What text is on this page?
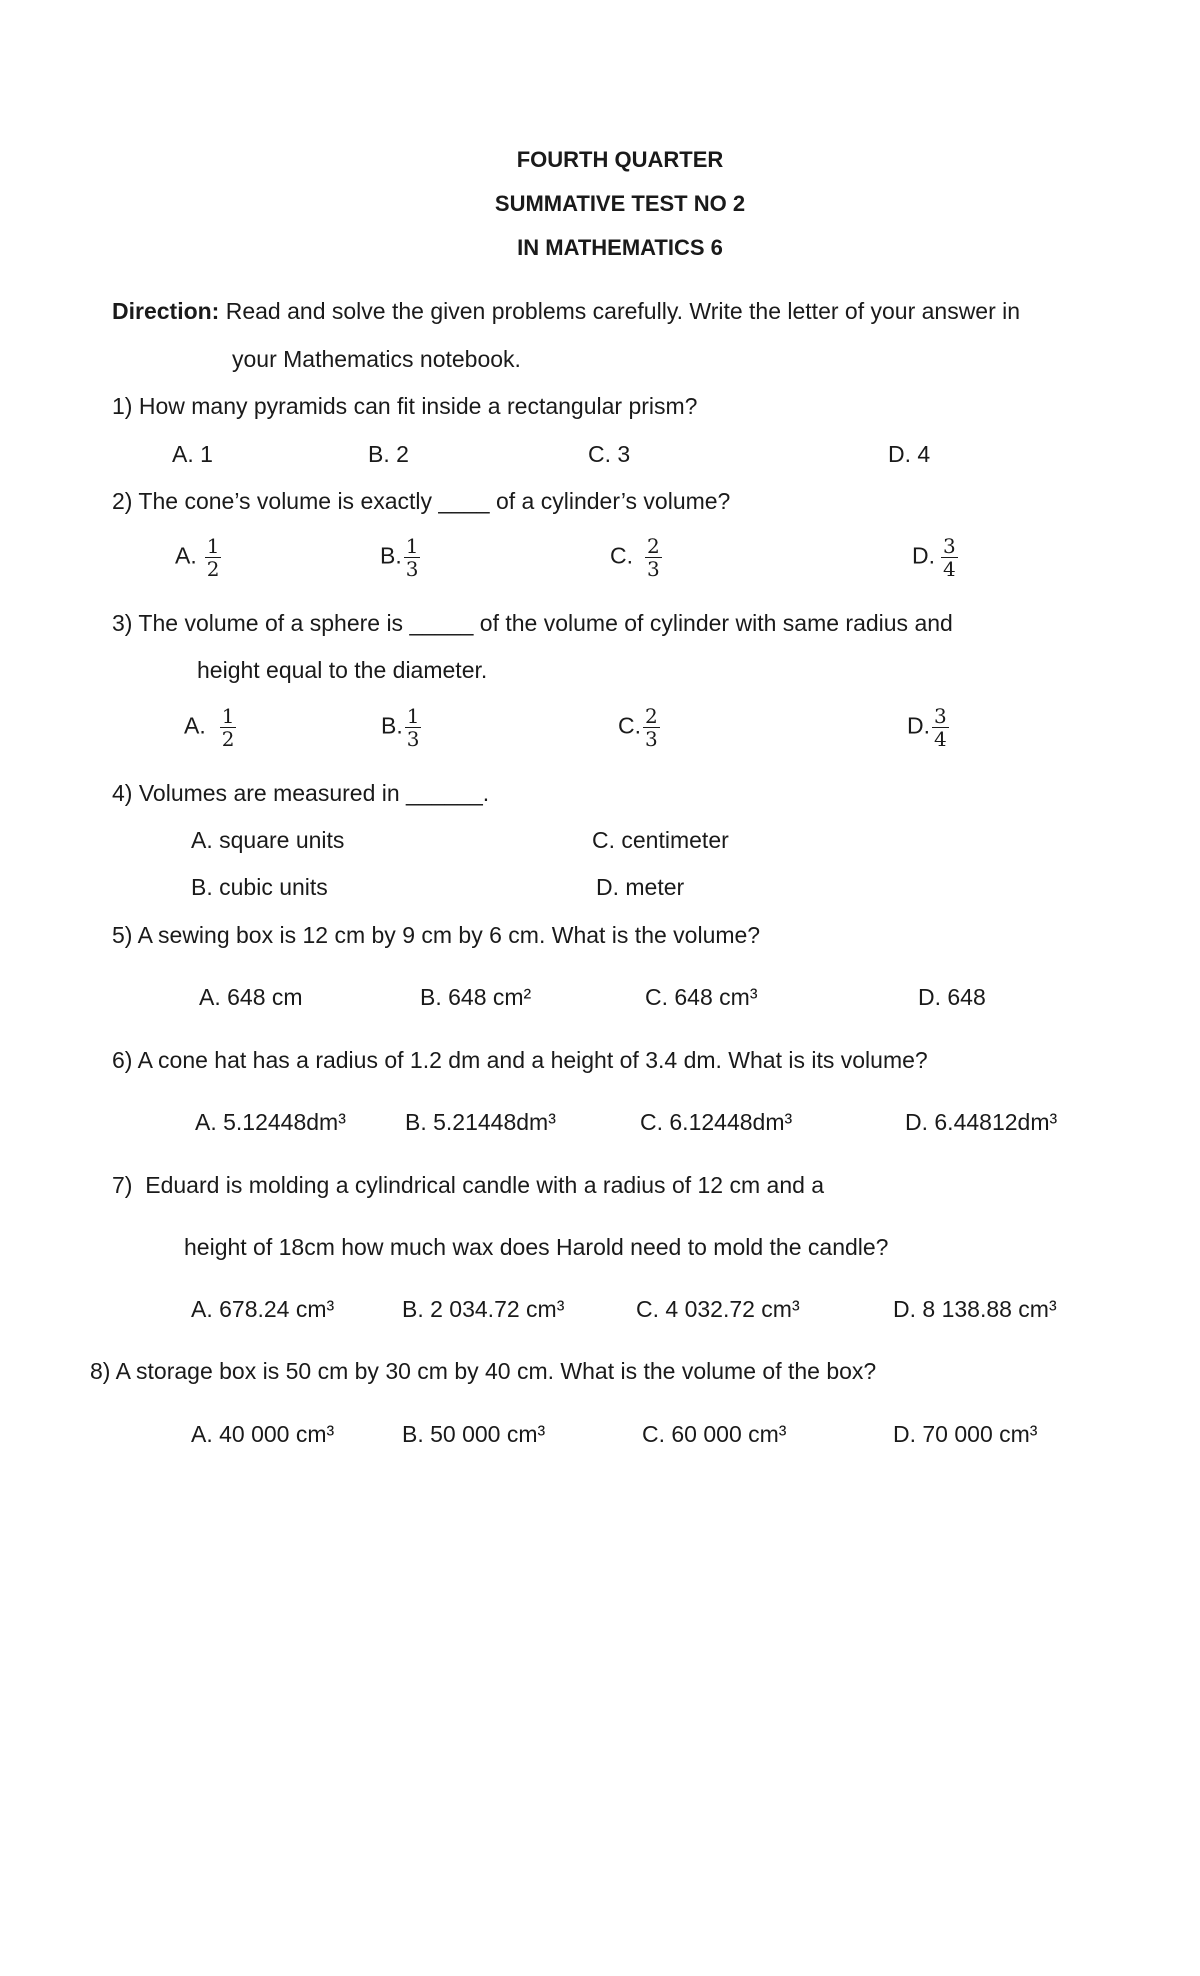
FOURTH QUARTER
SUMMATIVE TEST NO 2
IN MATHEMATICS 6
Direction: Read and solve the given problems carefully. Write the letter of your answer in
your Mathematics notebook.
1) How many pyramids can fit inside a rectangular prism?
A. 1	B. 2	C. 3	D. 4
2) The cone’s volume is exactly ____ of a cylinder’s volume?
A. $\frac{1}{2}$	B. $\frac{1}{3}$	C. $\frac{2}{3}$	D. $\frac{3}{4}$
3) The volume of a sphere is _____ of the volume of cylinder with same radius and
height equal to the diameter.
A. $\frac{1}{2}$	B. $\frac{1}{3}$	C. $\frac{2}{3}$	D. $\frac{3}{4}$
4) Volumes are measured in ______.
A. square units	C. centimeter
B. cubic units	D. meter
5) A sewing box is 12 cm by 9 cm by 6 cm. What is the volume?
A. 648 cm	B. 648 cm²	C. 648 cm³	D. 648
6) A cone hat has a radius of 1.2 dm and a height of 3.4 dm. What is its volume?
A. 5.12448dm³	B. 5.21448dm³	C. 6.12448dm³	D. 6.44812dm³
7)  Eduard is molding a cylindrical candle with a radius of 12 cm and a
height of 18cm how much wax does Harold need to mold the candle?
A. 678.24 cm³	B. 2 034.72 cm³	C. 4 032.72 cm³	D. 8 138.88 cm³
8) A storage box is 50 cm by 30 cm by 40 cm. What is the volume of the box?
A. 40 000 cm³	B. 50 000 cm³	C. 60 000 cm³	D. 70 000 cm³
